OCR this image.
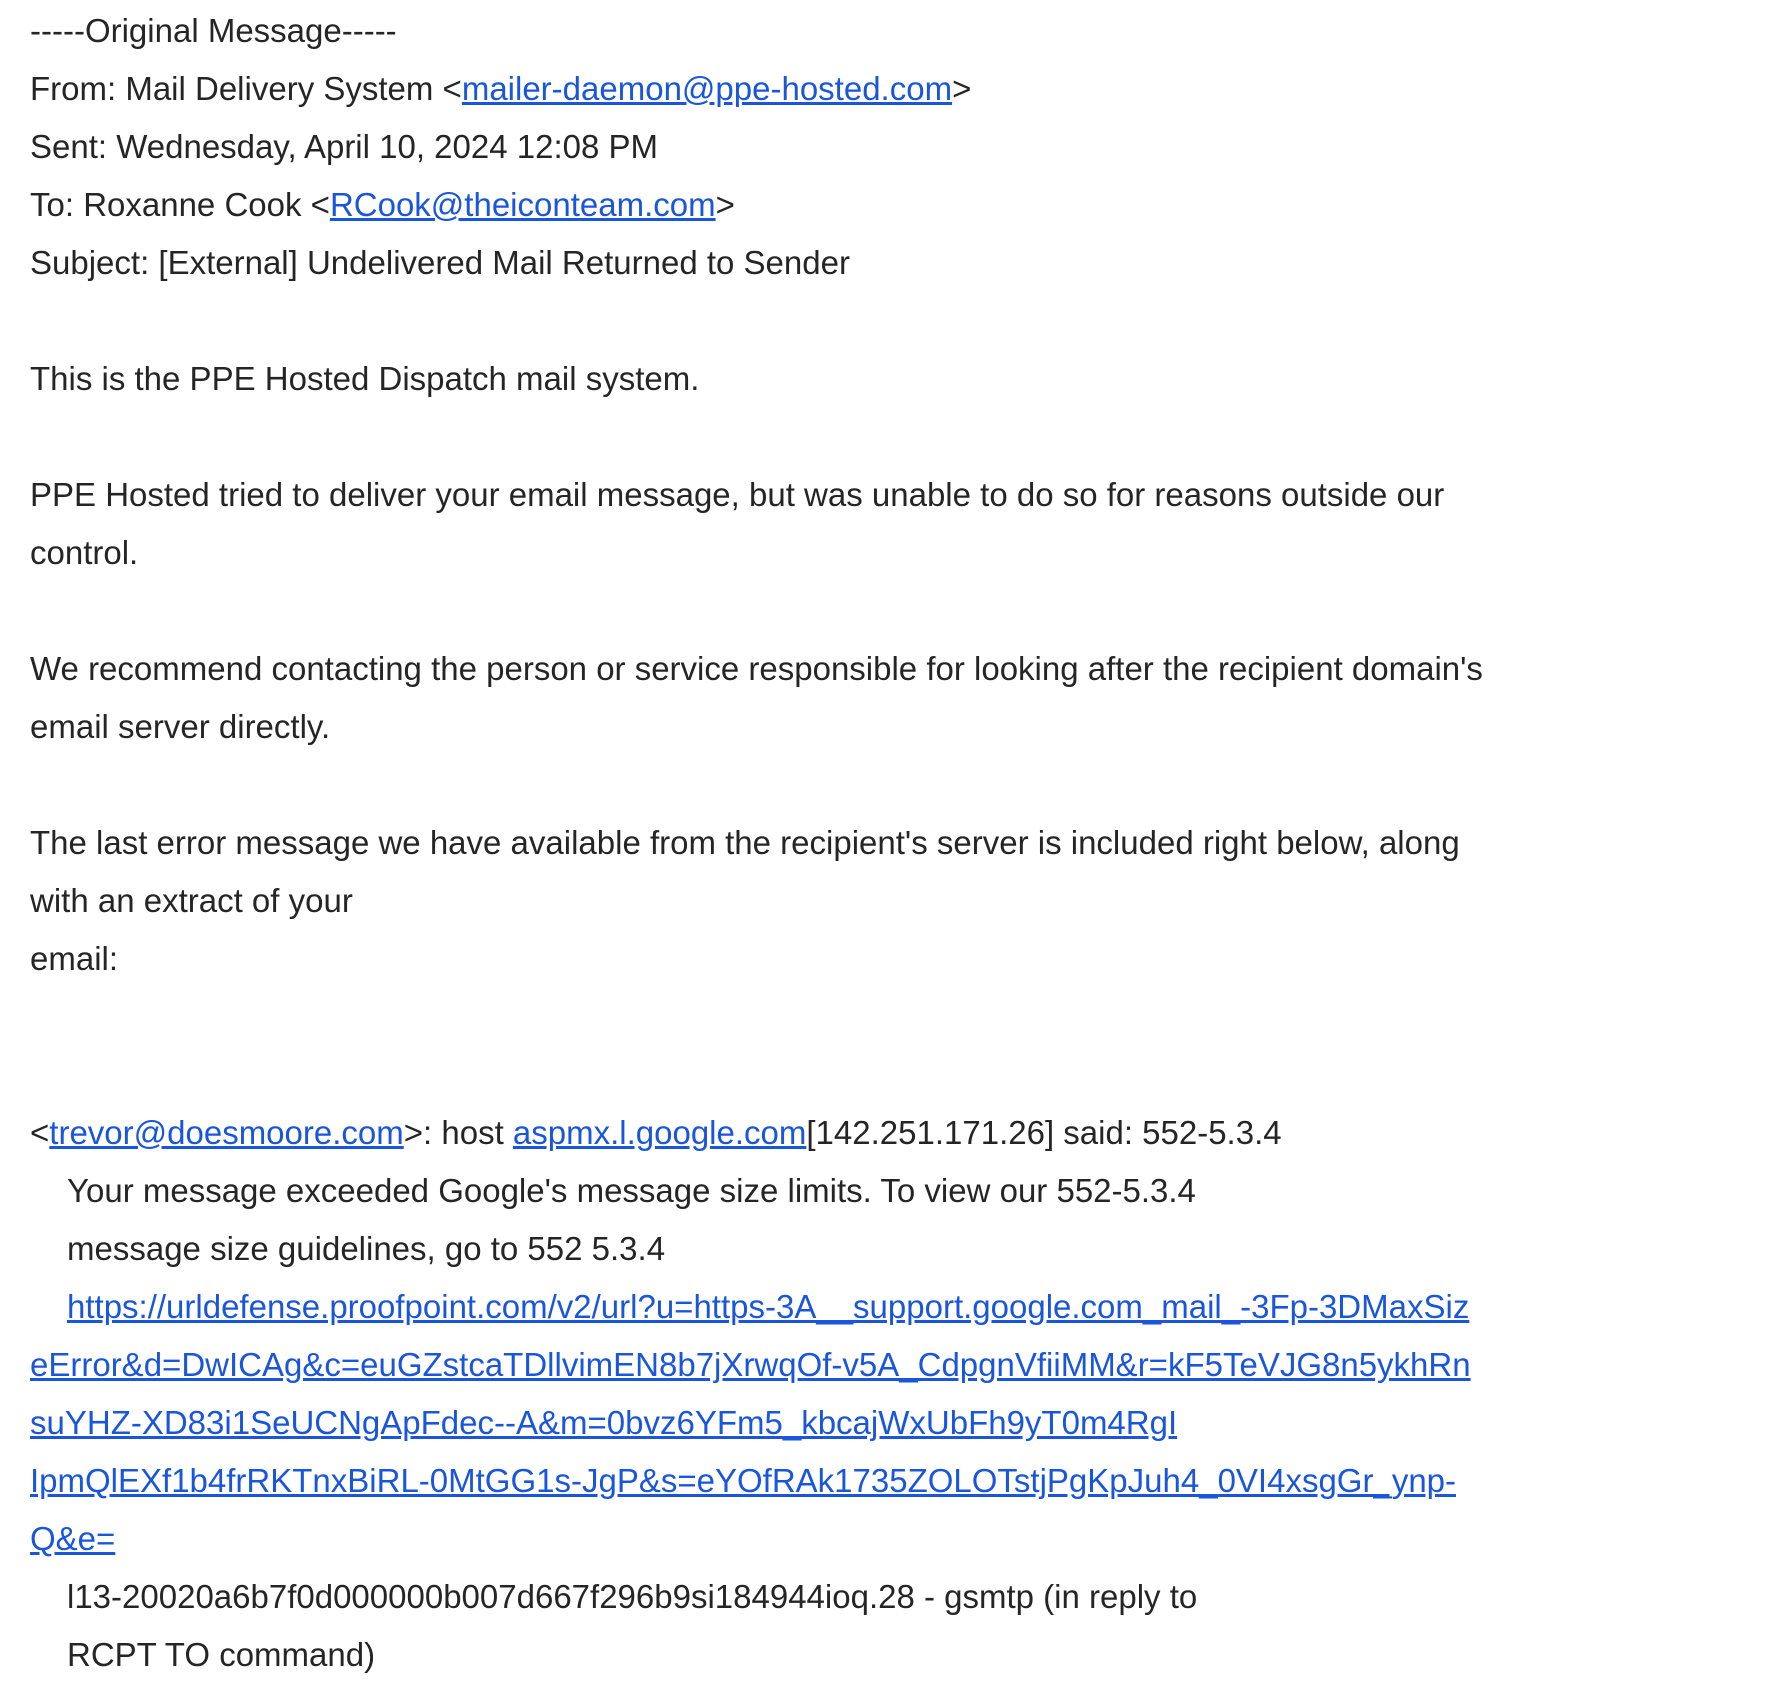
-----Original Message-----
From: Mail Delivery System <mailer-daemon@ppe-hosted.com>
Sent: Wednesday, April 10, 2024 12:08 PM
To: Roxanne Cook <RCook@theiconteam.com>
Subject: [External] Undelivered Mail Returned to Sender

This is the PPE Hosted Dispatch mail system.

PPE Hosted tried to deliver your email message, but was unable to do so for reasons outside our
control.

We recommend contacting the person or service responsible for looking after the recipient domain's
email server directly.

The last error message we have available from the recipient's server is included right below, along
with an extract of your
email:

<trevor@doesmoore.com>: host aspmx.l.google.com[142.251.171.26] said: 552-5.3.4
Your message exceeded Google's message size limits. To view our 552-5.3.4
message size guidelines, go to 552 5.3.4
https://urldefense.proofpoint.com/v2/url?u=https-3A__support.google.com_mail_-3Fp-3DMaxSiz
eError&d=DwICAg&c=euGZstcaTDllvimEN8b7jXrwqOf-v5A_CdpgnVfiiMM&r=kF5TeVJG8n5ykhRn
suYHZ-XD83i1SeUCNgApFdec--A&m=0bvz6YFm5_kbcajWxUbFh9yT0m4RgI
IpmQlEXf1b4frRKTnxBiRL-0MtGG1s-JgP&s=eYOfRAk1735ZOLOTstjPgKpJuh4_0VI4xsgGr_ynp-
Q&e=
l13-20020a6b7f0d000000b007d667f296b9si184944ioq.28 - gsmtp (in reply to
RCPT TO command)
